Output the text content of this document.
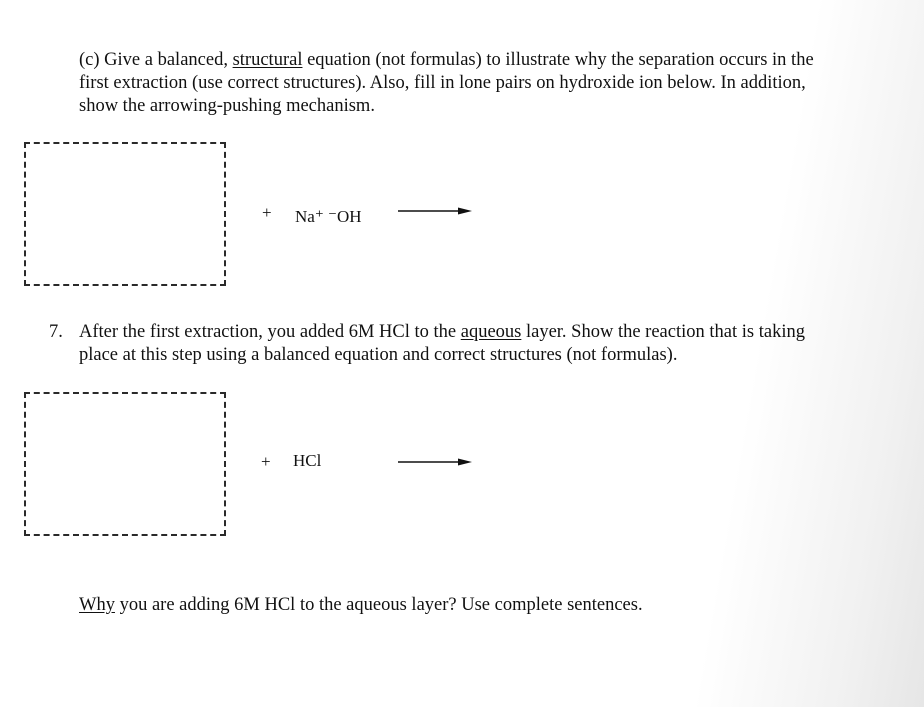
(c) Give a balanced, structural equation (not formulas) to illustrate why the separation occurs in the
first extraction (use correct structures). Also, fill in lone pairs on hydroxide ion below. In addition,
show the arrowing-pushing mechanism.
+ Na⁺ ⁻OH
7. After the first extraction, you added 6M HCl to the aqueous layer. Show the reaction that is taking
place at this step using a balanced equation and correct structures (not formulas).
+ HCl
Why you are adding 6M HCl to the aqueous layer? Use complete sentences.
